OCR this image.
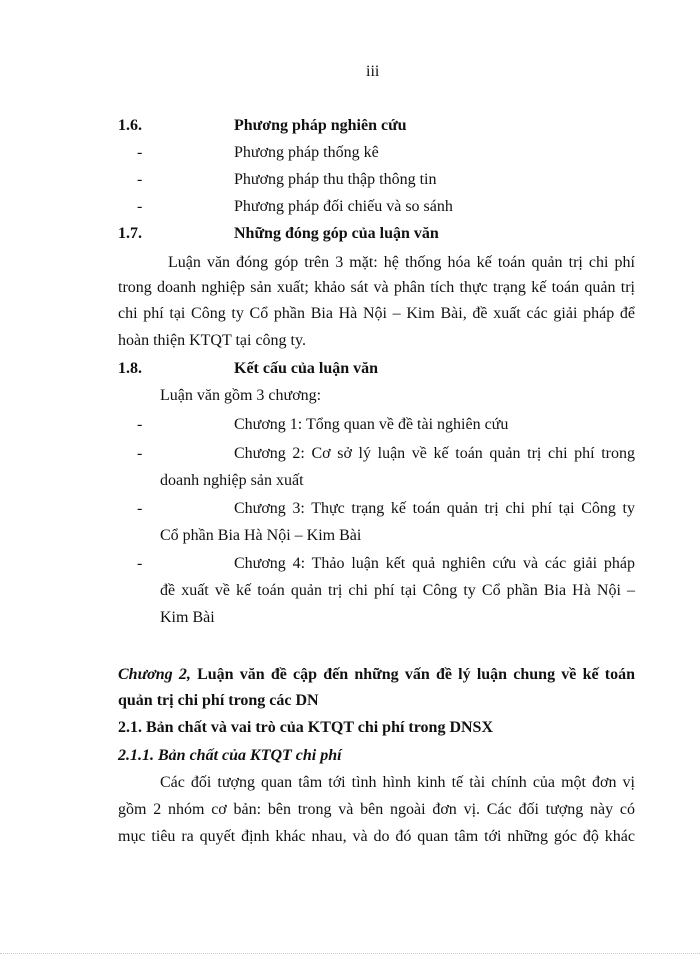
iii
1.6.	Phương pháp nghiên cứu
-	Phương pháp thống kê
-	Phương pháp thu thập thông tin
-	Phương pháp đối chiếu và so sánh
1.7.	Những đóng góp của luận văn
Luận văn đóng góp trên 3 mặt: hệ thống hóa kế toán quản trị chi phí
trong doanh nghiệp sản xuất; khảo sát và phân tích thực trạng kế toán quản trị
chi phí tại Công ty Cổ phần Bia Hà Nội – Kim Bài, đề xuất các giải pháp để
hoàn thiện KTQT tại công ty.
1.8.	Kết cấu của luận văn
Luận văn gồm 3 chương:
-	Chương 1: Tổng quan về đề tài nghiên cứu
-	Chương 2: Cơ sở lý luận về kế toán quản trị chi phí trong
doanh nghiệp sản xuất
-	Chương 3: Thực trạng kế toán quản trị chi phí tại Công ty
Cổ phần Bia Hà Nội – Kim Bài
-	Chương 4: Thảo luận kết quả nghiên cứu và các giải pháp
đề xuất về kế toán quản trị chi phí tại Công ty Cổ phần Bia Hà Nội –
Kim Bài
Chương 2, Luận văn đề cập đến những vấn đề lý luận chung về kế toán
quản trị chi phí trong các DN
2.1. Bản chất và vai trò của KTQT chi phí trong DNSX
2.1.1. Bản chất của KTQT chi phí
Các đối tượng quan tâm tới tình hình kinh tế tài chính của một đơn vị
gồm 2 nhóm cơ bản: bên trong và bên ngoài đơn vị. Các đối tượng này có
mục tiêu ra quyết định khác nhau, và do đó quan tâm tới những góc độ khác
